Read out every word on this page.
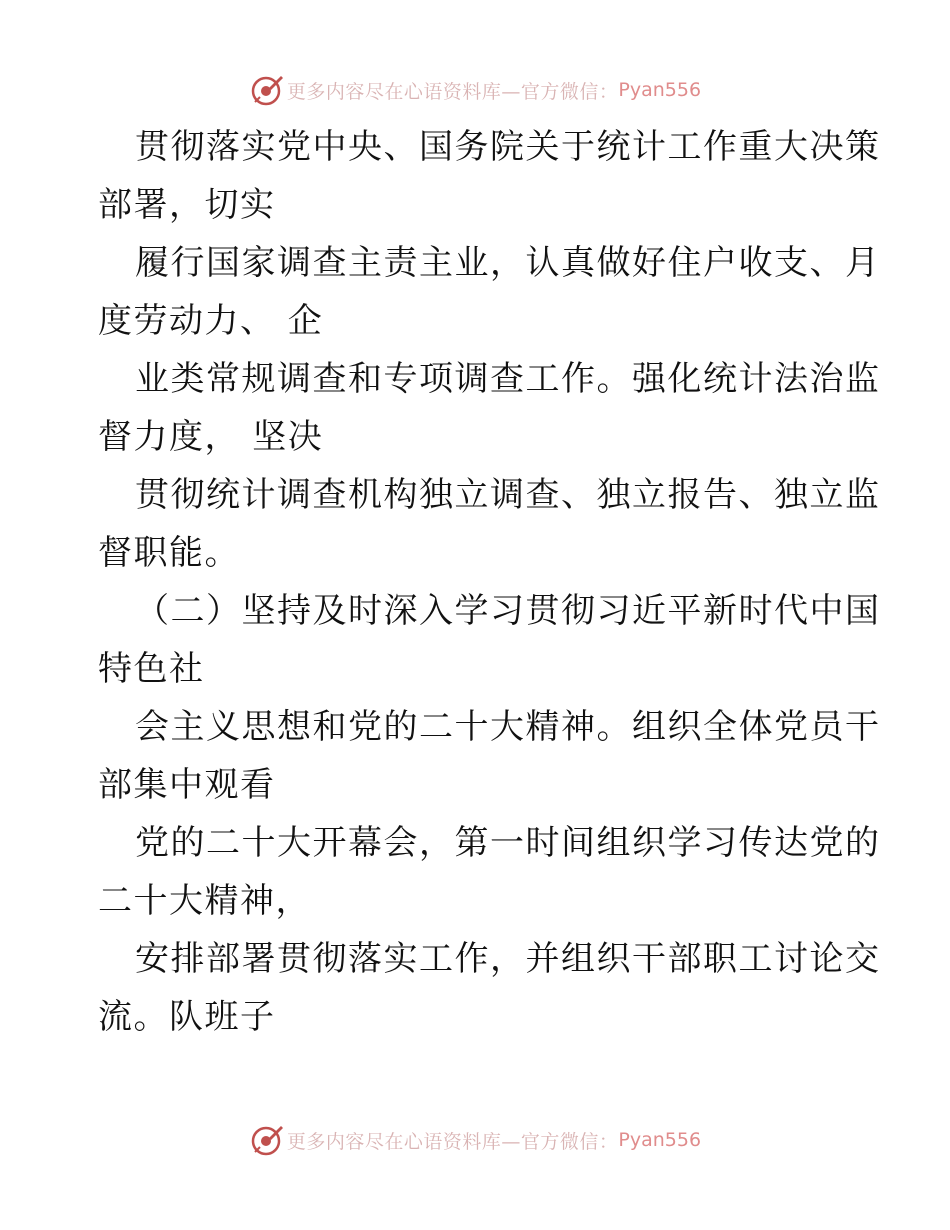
更多内容尽在心语资料库—官方微信： Pyan556
贯彻落实党中央、国务院关于统计工作重大决策
部署，切实
履行国家调查主责主业，认真做好住户收支、月
度劳动力、 企
业类常规调查和专项调查工作。强化统计法治监
督力度， 坚决
贯彻统计调查机构独立调查、独立报告、独立监
督职能。
（二）坚持及时深入学习贯彻习近平新时代中国
特色社
会主义思想和党的二十大精神。组织全体党员干
部集中观看
党的二十大开幕会，第一时间组织学习传达党的
二十大精神，
安排部署贯彻落实工作，并组织干部职工讨论交
流。队班子
更多内容尽在心语资料库—官方微信： Pyan556
